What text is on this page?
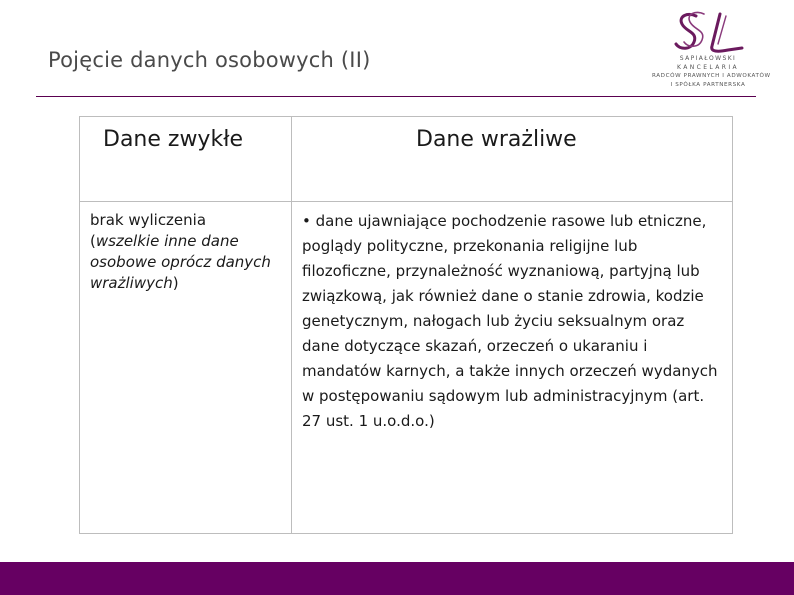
Pojęcie danych osobowych (II)	SAPIAŁOWSKI
KANCELARIA
RADCÓW PRAWNYCH I ADWOKATÓW
I SPÓŁKA PARTNERSKA
Dane zwykłe	Dane wrażliwe
brak wyliczenia
(wszelkie inne dane osobowe oprócz danych wrażliwych)
• dane ujawniające pochodzenie rasowe lub etniczne, poglądy polityczne, przekonania religijne lub filozoficzne, przynależność wyznaniową, partyjną lub związkową, jak również dane o stanie zdrowia, kodzie genetycznym, nałogach lub życiu seksualnym oraz dane dotyczące skazań, orzeczeń o ukaraniu i mandatów karnych, a także innych orzeczeń wydanych w postępowaniu sądowym lub administracyjnym (art. 27 ust. 1 u.o.d.o.)
